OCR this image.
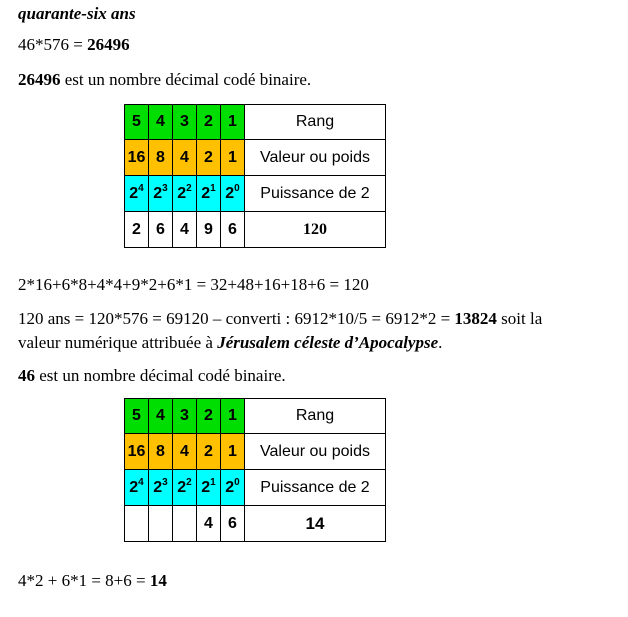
quarante-six ans
46*576 = 26496
26496 est un nombre décimal codé binaire.
5	4	3	2	1	Rang
16	8	4	2	1	Valeur ou poids
$2^4$	$2^3$	$2^2$	$2^1$	$2^0$	Puissance de 2
2	6	4	9	6	120
2*16+6*8+4*4+9*2+6*1 = 32+48+16+18+6 = 120
120 ans = 120*576 = 69120 – converti : 6912*10/5 = 6912*2 = 13824 soit la
valeur numérique attribuée à Jérusalem céleste d’Apocalypse.
46 est un nombre décimal codé binaire.
5	4	3	2	1	Rang
16	8	4	2	1	Valeur ou poids
$2^4$	$2^3$	$2^2$	$2^1$	$2^0$	Puissance de 2
			4	6	14
4*2 + 6*1 = 8+6 = 14
